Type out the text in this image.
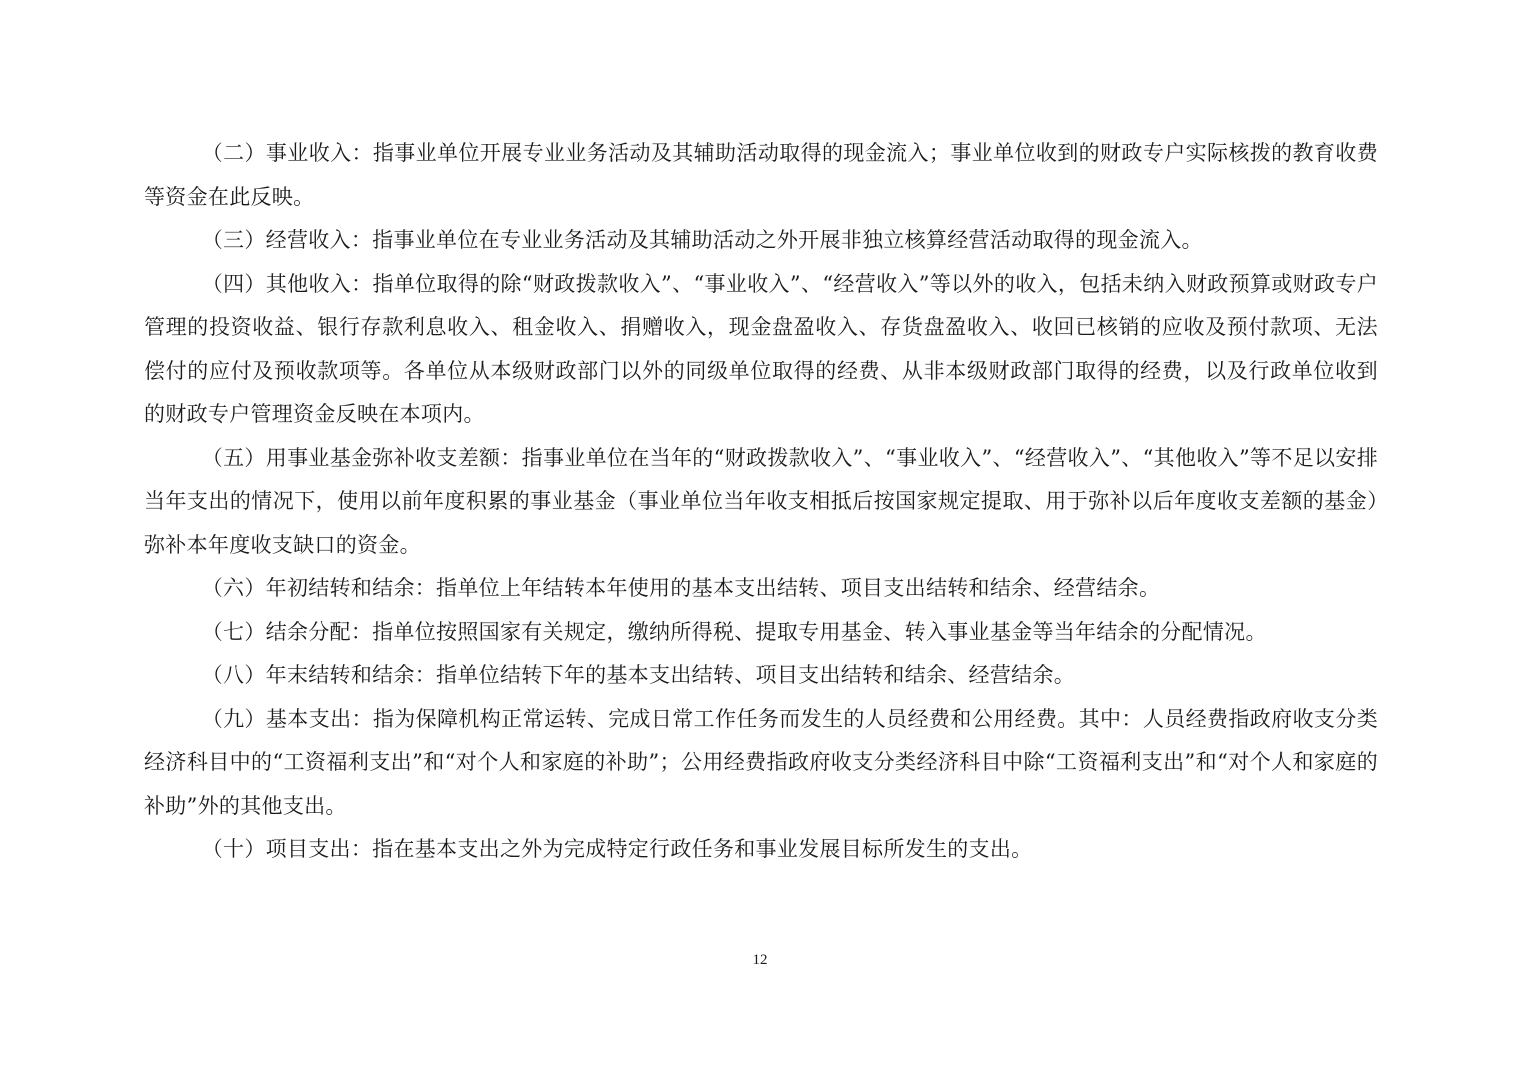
（二）事业收入：指事业单位开展专业业务活动及其辅助活动取得的现金流入；事业单位收到的财政专户实际核拨的教育收费等资金在此反映。

（三）经营收入：指事业单位在专业业务活动及其辅助活动之外开展非独立核算经营活动取得的现金流入。

（四）其他收入：指单位取得的除“财政拨款收入”、“事业收入”、“经营收入”等以外的收入，包括未纳入财政预算或财政专户管理的投资收益、银行存款利息收入、租金收入、捐赠收入，现金盘盈收入、存货盘盈收入、收回已核销的应收及预付款项、无法偿付的应付及预收款项等。各单位从本级财政部门以外的同级单位取得的经费、从非本级财政部门取得的经费，以及行政单位收到的财政专户管理资金反映在本项内。

（五）用事业基金弥补收支差额：指事业单位在当年的“财政拨款收入”、“事业收入”、“经营收入”、“其他收入”等不足以安排当年支出的情况下，使用以前年度积累的事业基金（事业单位当年收支相抵后按国家规定提取、用于弥补以后年度收支差额的基金）弥补本年度收支缺口的资金。

（六）年初结转和结余：指单位上年结转本年使用的基本支出结转、项目支出结转和结余、经营结余。

（七）结余分配：指单位按照国家有关规定，缴纳所得税、提取专用基金、转入事业基金等当年结余的分配情况。

（八）年末结转和结余：指单位结转下年的基本支出结转、项目支出结转和结余、经营结余。

（九）基本支出：指为保障机构正常运转、完成日常工作任务而发生的人员经费和公用经费。其中：人员经费指政府收支分类经济科目中的“工资福利支出”和“对个人和家庭的补助”；公用经费指政府收支分类经济科目中除“工资福利支出”和“对个人和家庭的补助”外的其他支出。

（十）项目支出：指在基本支出之外为完成特定行政任务和事业发展目标所发生的支出。

12
